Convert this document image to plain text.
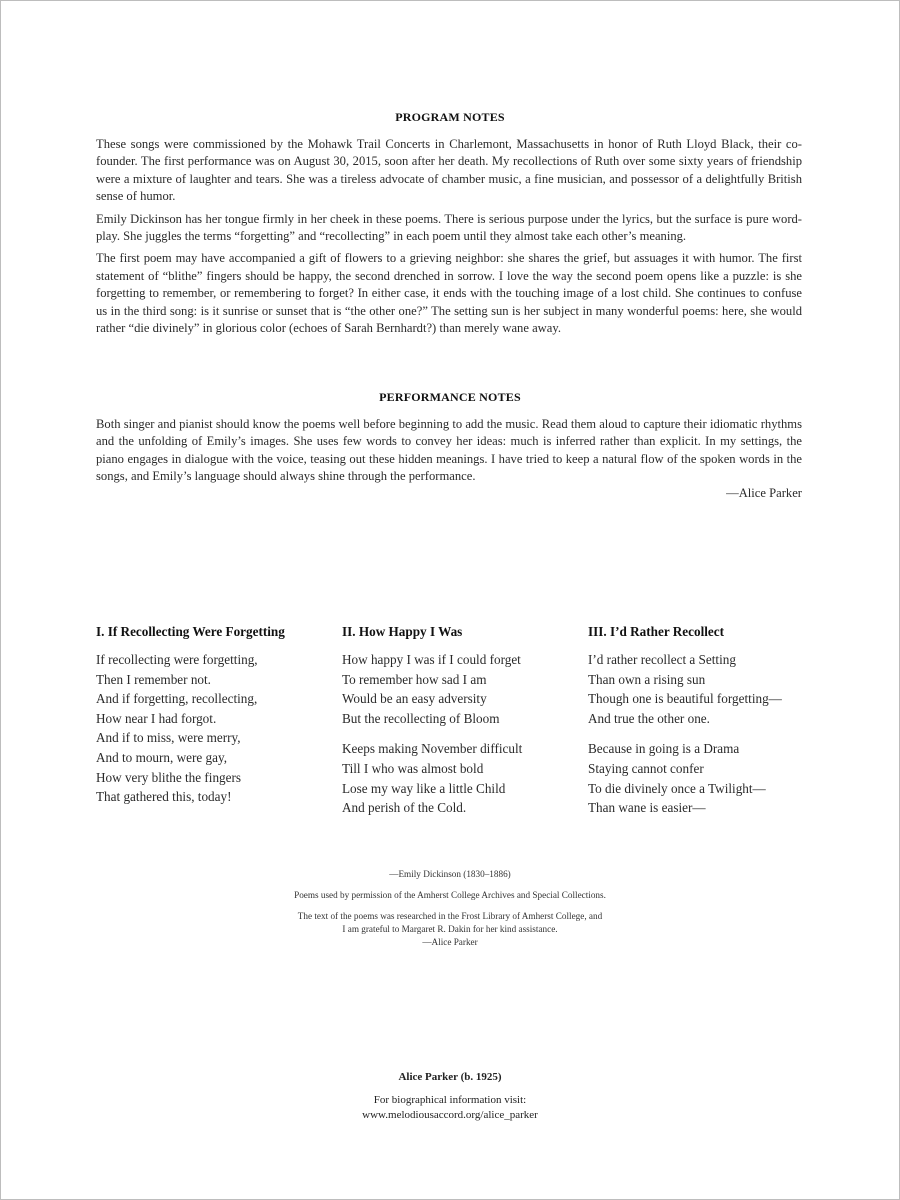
PROGRAM NOTES

These songs were commissioned by the Mohawk Trail Concerts in Charlemont, Massachusetts in honor of Ruth Lloyd Black, their co-founder. The first performance was on August 30, 2015, soon after her death. My recollections of Ruth over some sixty years of friendship were a mixture of laughter and tears. She was a tireless advocate of chamber music, a fine musician, and possessor of a delightfully British sense of humor.

Emily Dickinson has her tongue firmly in her cheek in these poems. There is serious purpose under the lyrics, but the surface is pure word-play. She juggles the terms “forgetting” and “recollecting” in each poem until they almost take each other’s meaning.

The first poem may have accompanied a gift of flowers to a grieving neighbor: she shares the grief, but assuages it with humor. The first statement of “blithe” fingers should be happy, the second drenched in sorrow. I love the way the second poem opens like a puzzle: is she forgetting to remember, or remembering to forget? In either case, it ends with the touching image of a lost child. She continues to confuse us in the third song: is it sunrise or sunset that is “the other one?” The setting sun is her subject in many wonderful poems: here, she would rather “die divinely” in glorious color (echoes of Sarah Bernhardt?) than merely wane away.

PERFORMANCE NOTES

Both singer and pianist should know the poems well before beginning to add the music. Read them aloud to capture their idiomatic rhythms and the unfolding of Emily’s images. She uses few words to convey her ideas: much is inferred rather than explicit. In my settings, the piano engages in dialogue with the voice, teasing out these hidden meanings. I have tried to keep a natural flow of the spoken words in the songs, and Emily’s language should always shine through the performance.

—Alice Parker
I. If Recollecting Were Forgetting
If recollecting were forgetting,
Then I remember not.
And if forgetting, recollecting,
How near I had forgot.
And if to miss, were merry,
And to mourn, were gay,
How very blithe the fingers
That gathered this, today!
II. How Happy I Was
How happy I was if I could forget
To remember how sad I am
Would be an easy adversity
But the recollecting of Bloom
Keeps making November difficult
Till I who was almost bold
Lose my way like a little Child
And perish of the Cold.
III. I’d Rather Recollect
I’d rather recollect a Setting
Than own a rising sun
Though one is beautiful forgetting—
And true the other one.
Because in going is a Drama
Staying cannot confer
To die divinely once a Twilight—
Than wane is easier—
—Emily Dickinson (1830–1886)
Poems used by permission of the Amherst College Archives and Special Collections.
The text of the poems was researched in the Frost Library of Amherst College, and
I am grateful to Margaret R. Dakin for her kind assistance.
—Alice Parker
Alice Parker (b. 1925)
For biographical information visit:
www.melodiousaccord.org/alice_parker
